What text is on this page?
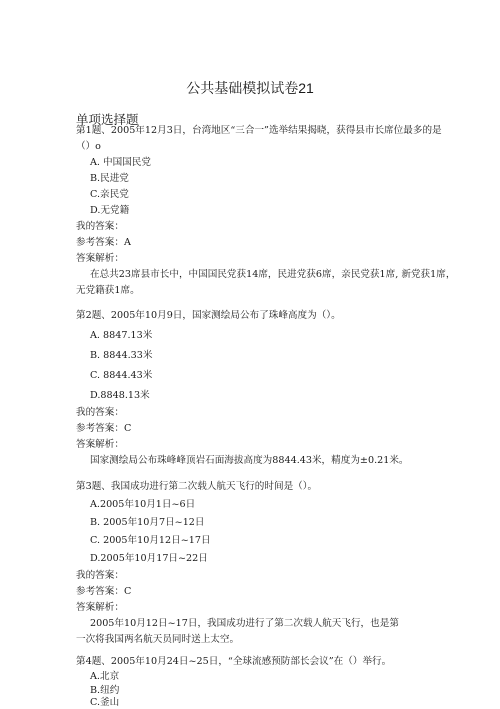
公共基础模拟试卷21
单项选择题
第1题、2005年12月3日，台湾地区“三合一”选举结果揭晓，获得县市长席位最多的是
（）o
A. 中国国民党
B.民进党
C.亲民党
D.无党籍
我的答案：
参考答案：A
答案解析：
在总共23席县市长中，中国国民党获14席，民进党获6席，亲民党获1席, 新党获1席，
无党籍获1席。
第2题、2005年10月9日，国家测绘局公布了珠峰高度为（）。
A. 8847.13米
B. 8844.33米
C. 8844.43米
D.8848.13米
我的答案：
参考答案：C
答案解析：
国家测绘局公布珠峰峰顶岩石面海拔高度为8844.43米，精度为±0.21米。
第3题、我国成功进行第二次载人航天飞行的时间是（）。
A.2005年10月1日~6日
B. 2005年10月7日~12日
C. 2005年10月12日~17日
D.2005年10月17日~22日
我的答案：
参考答案：C
答案解析：
2005年10月12日~17日，我国成功进行了第二次载人航天飞行，也是第
一次将我国两名航天员同时送上太空。
第4题、2005年10月24日~25日，“全球流感预防部长会议”在（）举行。
A.北京
B.纽约
C.釜山
